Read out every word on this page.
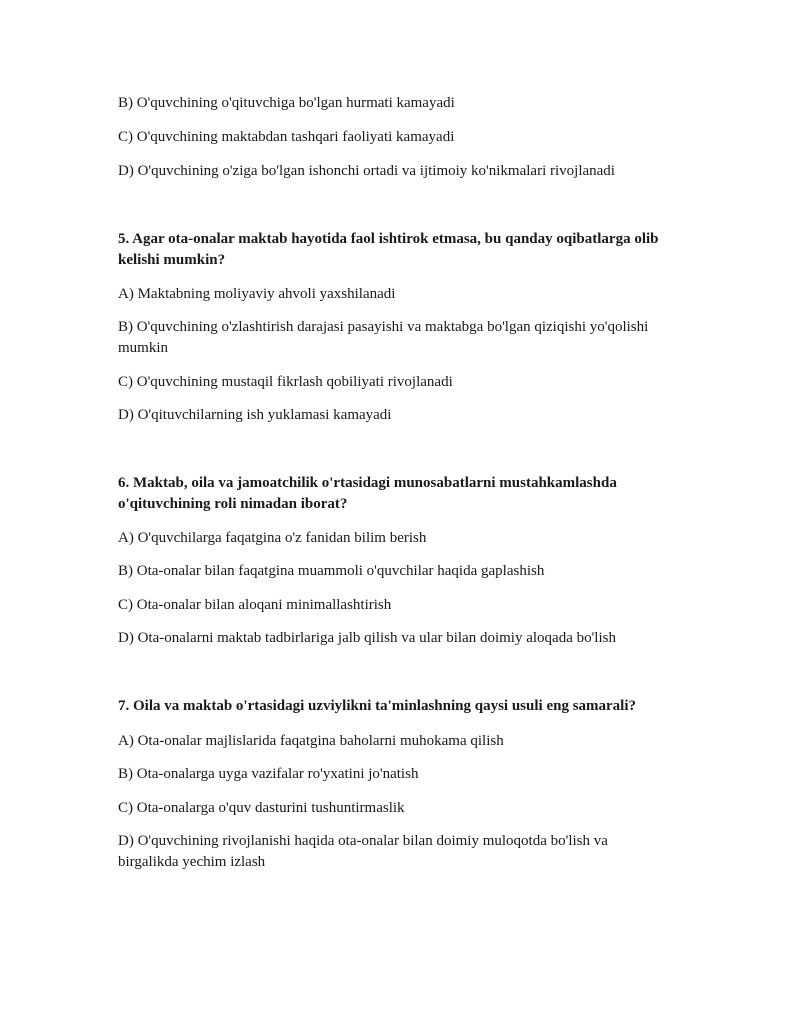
B) O'quvchining o'qituvchiga bo'lgan hurmati kamayadi
C) O'quvchining maktabdan tashqari faoliyati kamayadi
D) O'quvchining o'ziga bo'lgan ishonchi ortadi va ijtimoiy ko'nikmalari rivojlanadi
5. Agar ota-onalar maktab hayotida faol ishtirok etmasa, bu qanday oqibatlarga olib kelishi mumkin?
A) Maktabning moliyaviy ahvoli yaxshilanadi
B) O'quvchining o'zlashtirish darajasi pasayishi va maktabga bo'lgan qiziqishi yo'qolishi mumkin
C) O'quvchining mustaqil fikrlash qobiliyati rivojlanadi
D) O'qituvchilarning ish yuklamasi kamayadi
6. Maktab, oila va jamoatchilik o'rtasidagi munosabatlarni mustahkamlashda o'qituvchining roli nimadan iborat?
A) O'quvchilarga faqatgina o'z fanidan bilim berish
B) Ota-onalar bilan faqatgina muammoli o'quvchilar haqida gaplashish
C) Ota-onalar bilan aloqani minimallashtirish
D) Ota-onalarni maktab tadbirlariga jalb qilish va ular bilan doimiy aloqada bo'lish
7. Oila va maktab o'rtasidagi uzviylikni ta'minlashning qaysi usuli eng samarali?
A) Ota-onalar majlislarida faqatgina baholarni muhokama qilish
B) Ota-onalarga uyga vazifalar ro'yxatini jo'natish
C) Ota-onalarga o'quv dasturini tushuntirmaslik
D) O'quvchining rivojlanishi haqida ota-onalar bilan doimiy muloqotda bo'lish va birgalikda yechim izlash
